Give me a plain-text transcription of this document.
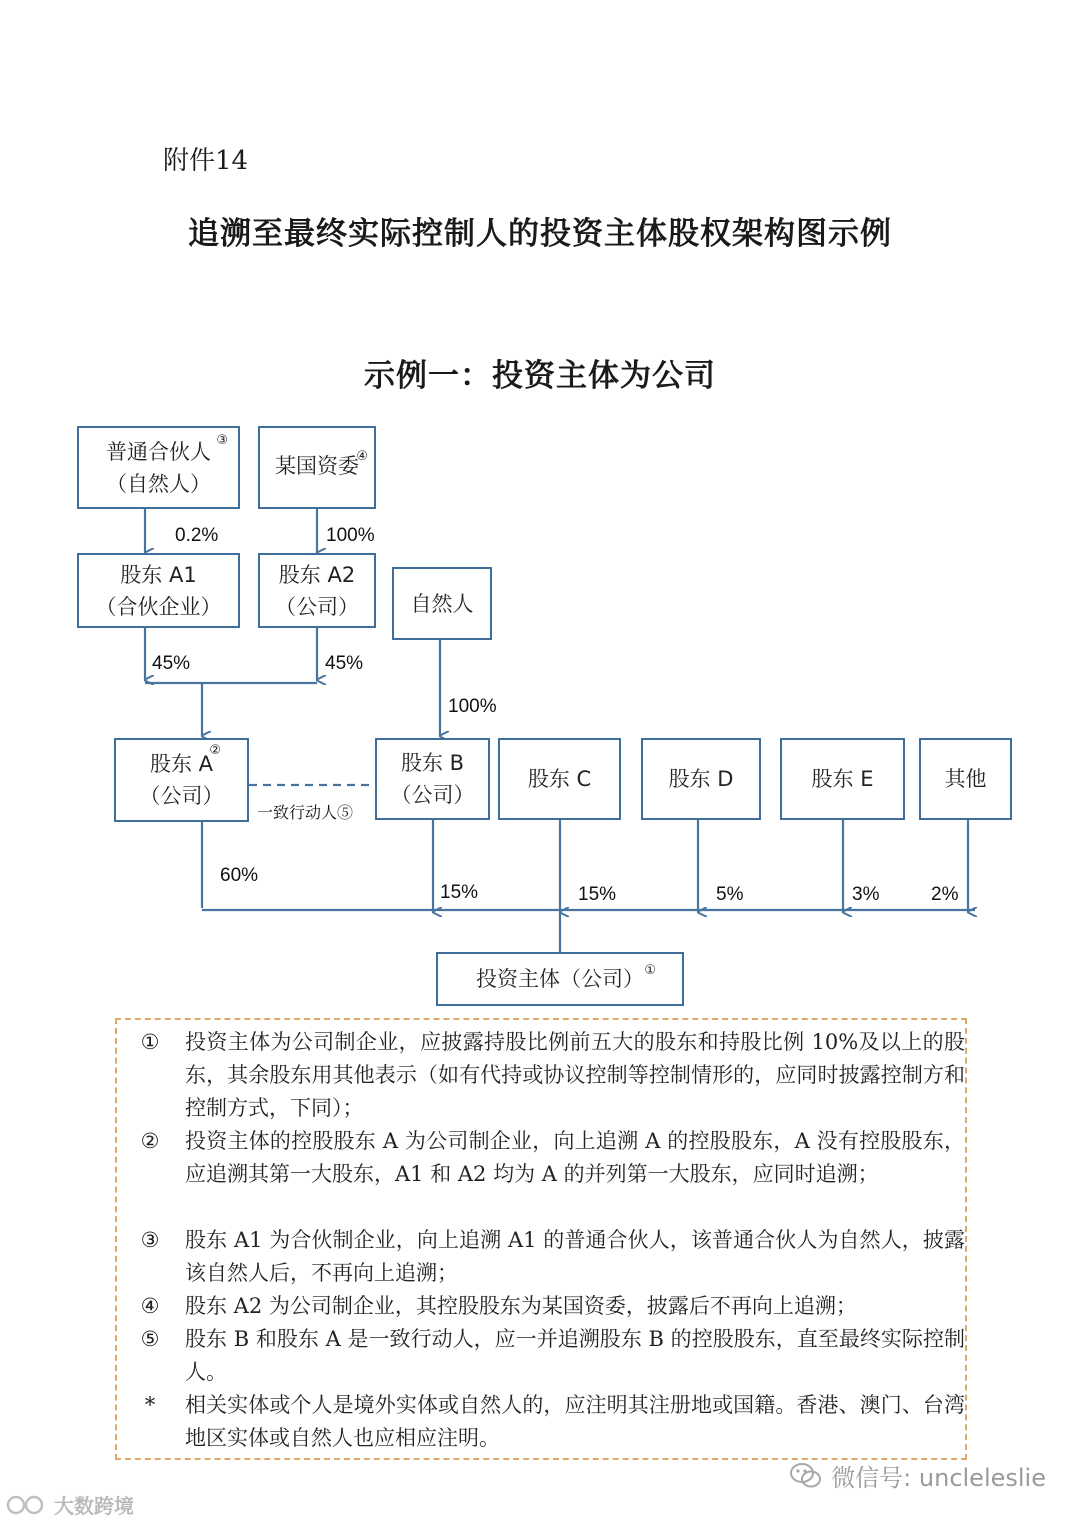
附件14
追溯至最终实际控制人的投资主体股权架构图示例
示例一：投资主体为公司
普通合伙人
（自然人）
③
某国资委
④
0.2%	100%
股东 A1
（合伙企业）
股东 A2
（公司） 自然人
45%	45%
100%
股东 A
（公司）
②
股东 B
（公司）
股东 C	股东 D	股东 E	其他
一致行动人⑤
60%
15%	15%	5%	3%	2%
投资主体（公司） ①
① 投资主体为公司制企业，应披露持股比例前五大的股东和持股比例 10%及以上的股东，其余股东用其他表示（如有代持或协议控制等控制情形的，应同时披露控制方和控制方式，下同）；
② 投资主体的控股股东 A 为公司制企业，向上追溯 A 的控股股东，A 没有控股股东，应追溯其第一大股东，A1 和 A2 均为 A 的并列第一大股东，应同时追溯；
③ 股东 A1 为合伙制企业，向上追溯 A1 的普通合伙人，该普通合伙人为自然人，披露该自然人后，不再向上追溯；
④ 股东 A2 为公司制企业，其控股股东为某国资委，披露后不再向上追溯；
⑤ 股东 B 和股东 A 是一致行动人，应一并追溯股东 B 的控股股东，直至最终实际控制人。
*	相关实体或个人是境外实体或自然人的，应注明其注册地或国籍。香港、澳门、台湾地区实体或自然人也应相应注明。
微信号: uncleleslie
大数跨境
